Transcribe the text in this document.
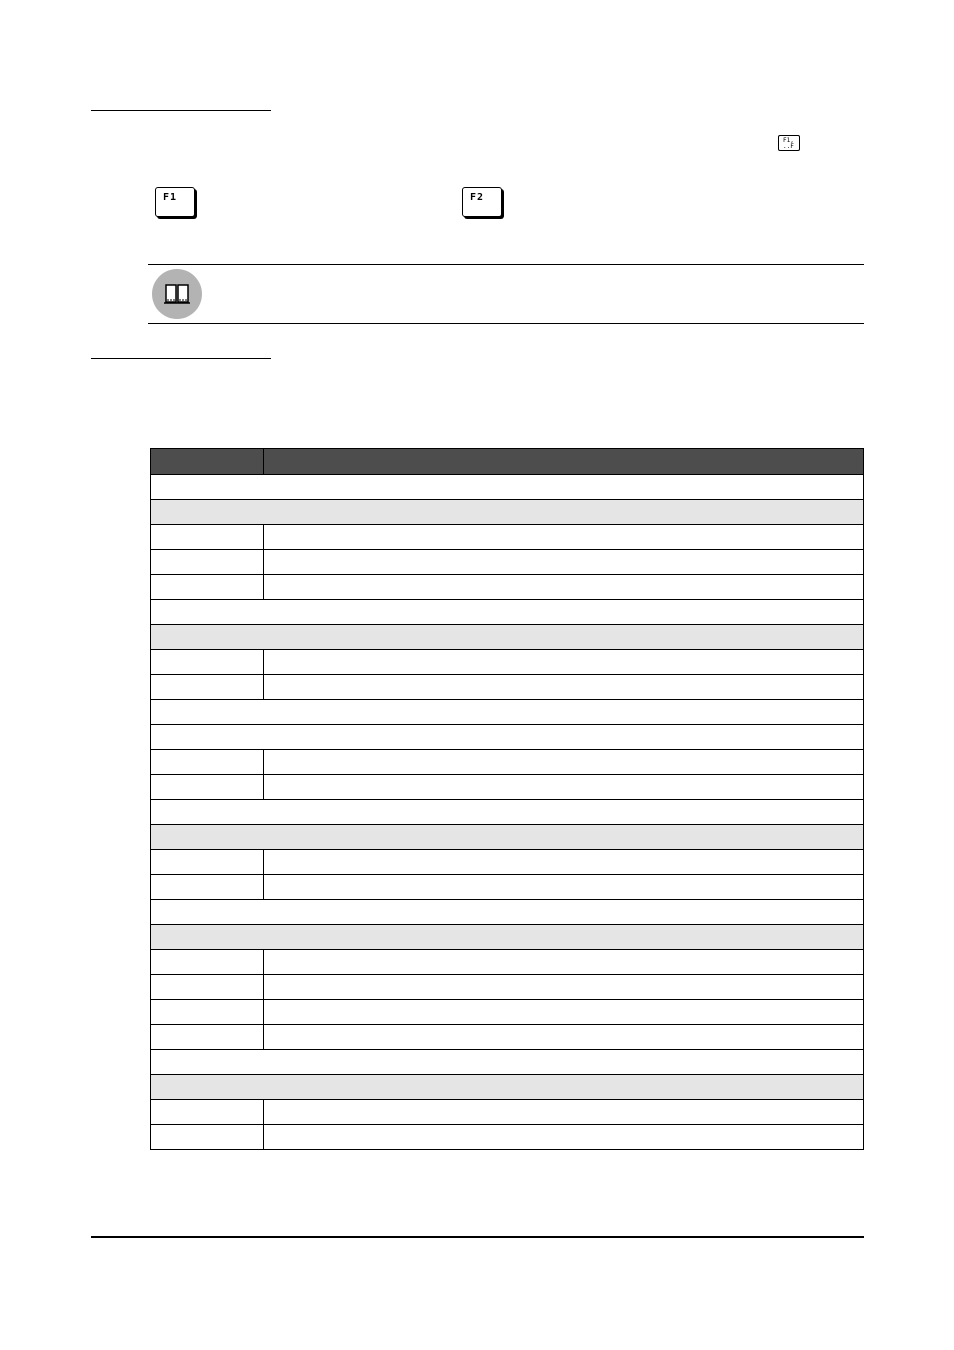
F1,
..F
F1	F2
